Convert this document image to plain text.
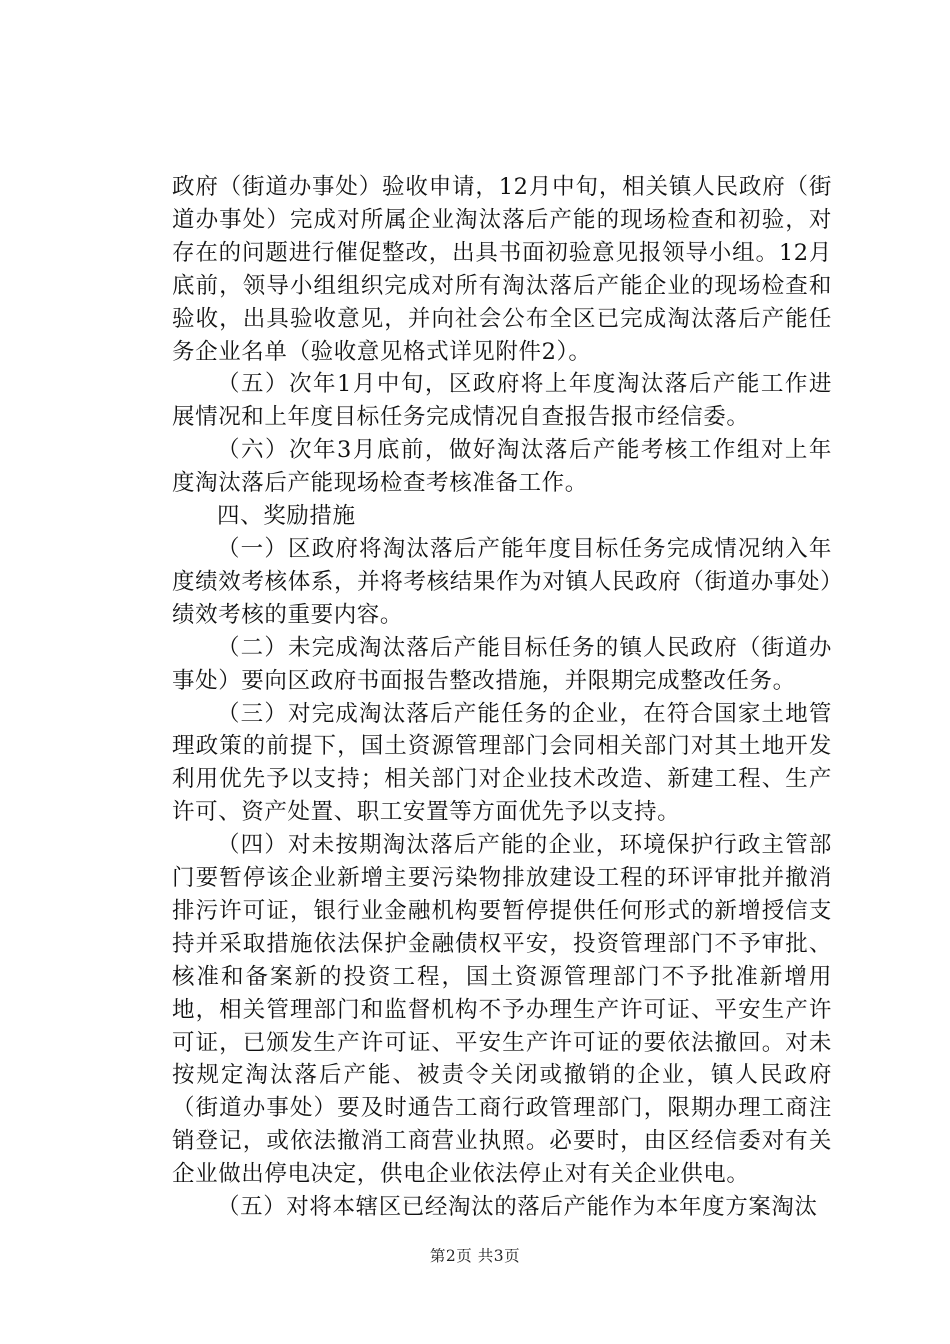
政府（街道办事处）验收申请，12月中旬，相关镇人民政府（街道办事处）完成对所属企业淘汰落后产能的现场检查和初验，对存在的问题进行催促整改，出具书面初验意见报领导小组。12月底前，领导小组组织完成对所有淘汰落后产能企业的现场检查和验收，出具验收意见，并向社会公布全区已完成淘汰落后产能任务企业名单（验收意见格式详见附件2）。

（五）次年1月中旬，区政府将上年度淘汰落后产能工作进展情况和上年度目标任务完成情况自查报告报市经信委。

（六）次年3月底前，做好淘汰落后产能考核工作组对上年度淘汰落后产能现场检查考核准备工作。

四、奖励措施

（一）区政府将淘汰落后产能年度目标任务完成情况纳入年度绩效考核体系，并将考核结果作为对镇人民政府（街道办事处）绩效考核的重要内容。

（二）未完成淘汰落后产能目标任务的镇人民政府（街道办事处）要向区政府书面报告整改措施，并限期完成整改任务。

（三）对完成淘汰落后产能任务的企业，在符合国家土地管理政策的前提下，国土资源管理部门会同相关部门对其土地开发利用优先予以支持；相关部门对企业技术改造、新建工程、生产许可、资产处置、职工安置等方面优先予以支持。

（四）对未按期淘汰落后产能的企业，环境保护行政主管部门要暂停该企业新增主要污染物排放建设工程的环评审批并撤消排污许可证，银行业金融机构要暂停提供任何形式的新增授信支持并采取措施依法保护金融债权平安，投资管理部门不予审批、核准和备案新的投资工程，国土资源管理部门不予批准新增用地，相关管理部门和监督机构不予办理生产许可证、平安生产许可证，已颁发生产许可证、平安生产许可证的要依法撤回。对未按规定淘汰落后产能、被责令关闭或撤销的企业，镇人民政府（街道办事处）要及时通告工商行政管理部门，限期办理工商注销登记，或依法撤消工商营业执照。必要时，由区经信委对有关企业做出停电决定，供电企业依法停止对有关企业供电。

（五）对将本辖区已经淘汰的落后产能作为本年度方案淘汰

第2页 共3页
